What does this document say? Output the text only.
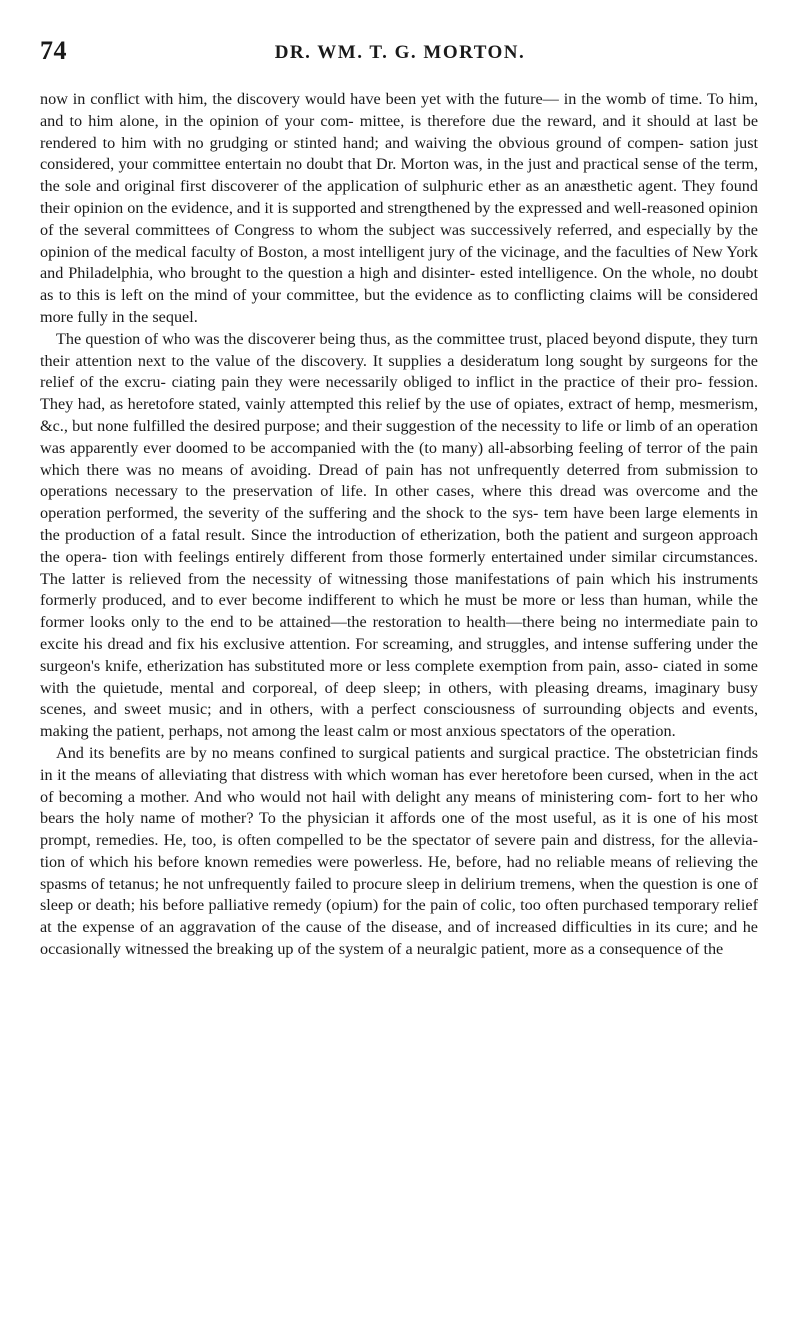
74	DR. WM. T. G. MORTON.

now in conflict with him, the discovery would have been yet with the future— in the womb of time. To him, and to him alone, in the opinion of your com- mittee, is therefore due the reward, and it should at last be rendered to him with no grudging or stinted hand; and waiving the obvious ground of compen- sation just considered, your committee entertain no doubt that Dr. Morton was, in the just and practical sense of the term, the sole and original first discoverer of the application of sulphuric ether as an anæsthetic agent. They found their opinion on the evidence, and it is supported and strengthened by the expressed and well-reasoned opinion of the several committees of Congress to whom the subject was successively referred, and especially by the opinion of the medical faculty of Boston, a most intelligent jury of the vicinage, and the faculties of New York and Philadelphia, who brought to the question a high and disinter- ested intelligence. On the whole, no doubt as to this is left on the mind of your committee, but the evidence as to conflicting claims will be considered more fully in the sequel.

The question of who was the discoverer being thus, as the committee trust, placed beyond dispute, they turn their attention next to the value of the discovery. It supplies a desideratum long sought by surgeons for the relief of the excru- ciating pain they were necessarily obliged to inflict in the practice of their pro- fession. They had, as heretofore stated, vainly attempted this relief by the use of opiates, extract of hemp, mesmerism, &c., but none fulfilled the desired purpose; and their suggestion of the necessity to life or limb of an operation was apparently ever doomed to be accompanied with the (to many) all-absorbing feeling of terror of the pain which there was no means of avoiding. Dread of pain has not unfrequently deterred from submission to operations necessary to the preservation of life. In other cases, where this dread was overcome and the operation performed, the severity of the suffering and the shock to the sys- tem have been large elements in the production of a fatal result. Since the introduction of etherization, both the patient and surgeon approach the opera- tion with feelings entirely different from those formerly entertained under similar circumstances. The latter is relieved from the necessity of witnessing those manifestations of pain which his instruments formerly produced, and to ever become indifferent to which he must be more or less than human, while the former looks only to the end to be attained—the restoration to health—there being no intermediate pain to excite his dread and fix his exclusive attention. For screaming, and struggles, and intense suffering under the surgeon's knife, etherization has substituted more or less complete exemption from pain, asso- ciated in some with the quietude, mental and corporeal, of deep sleep; in others, with pleasing dreams, imaginary busy scenes, and sweet music; and in others, with a perfect consciousness of surrounding objects and events, making the patient, perhaps, not among the least calm or most anxious spectators of the operation.

And its benefits are by no means confined to surgical patients and surgical practice. The obstetrician finds in it the means of alleviating that distress with which woman has ever heretofore been cursed, when in the act of becoming a mother. And who would not hail with delight any means of ministering com- fort to her who bears the holy name of mother? To the physician it affords one of the most useful, as it is one of his most prompt, remedies. He, too, is often compelled to be the spectator of severe pain and distress, for the allevia- tion of which his before known remedies were powerless. He, before, had no reliable means of relieving the spasms of tetanus; he not unfrequently failed to procure sleep in delirium tremens, when the question is one of sleep or death; his before palliative remedy (opium) for the pain of colic, too often purchased temporary relief at the expense of an aggravation of the cause of the disease, and of increased difficulties in its cure; and he occasionally witnessed the breaking up of the system of a neuralgic patient, more as a consequence of the
